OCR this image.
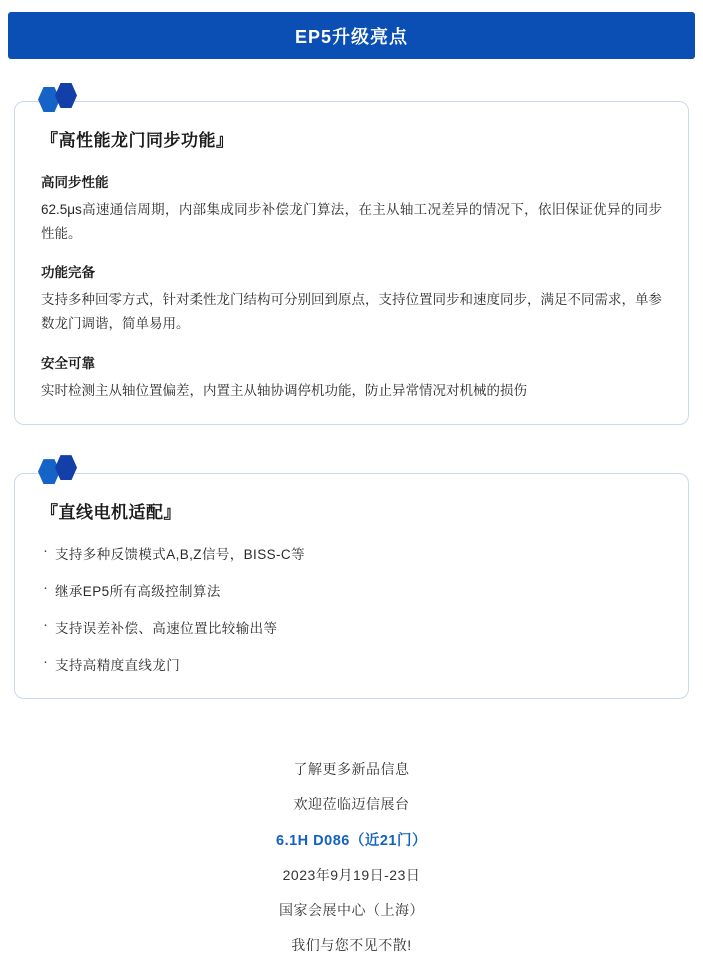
EP5升级亮点
『高性能龙门同步功能』
高同步性能
62.5μs高速通信周期，内部集成同步补偿龙门算法，在主从轴工况差异的情况下，依旧保证优异的同步性能。
功能完备
支持多种回零方式，针对柔性龙门结构可分别回到原点，支持位置同步和速度同步，满足不同需求，单参数龙门调谐，简单易用。
安全可靠
实时检测主从轴位置偏差，内置主从轴协调停机功能，防止异常情况对机械的损伤
『直线电机适配』
· 支持多种反馈模式A,B,Z信号，BISS-C等
· 继承EP5所有高级控制算法
· 支持误差补偿、高速位置比较输出等
· 支持高精度直线龙门

了解更多新品信息

欢迎莅临迈信展台

6.1H D086（近21门）

2023年9月19日-23日

国家会展中心（上海）

我们与您不见不散!
